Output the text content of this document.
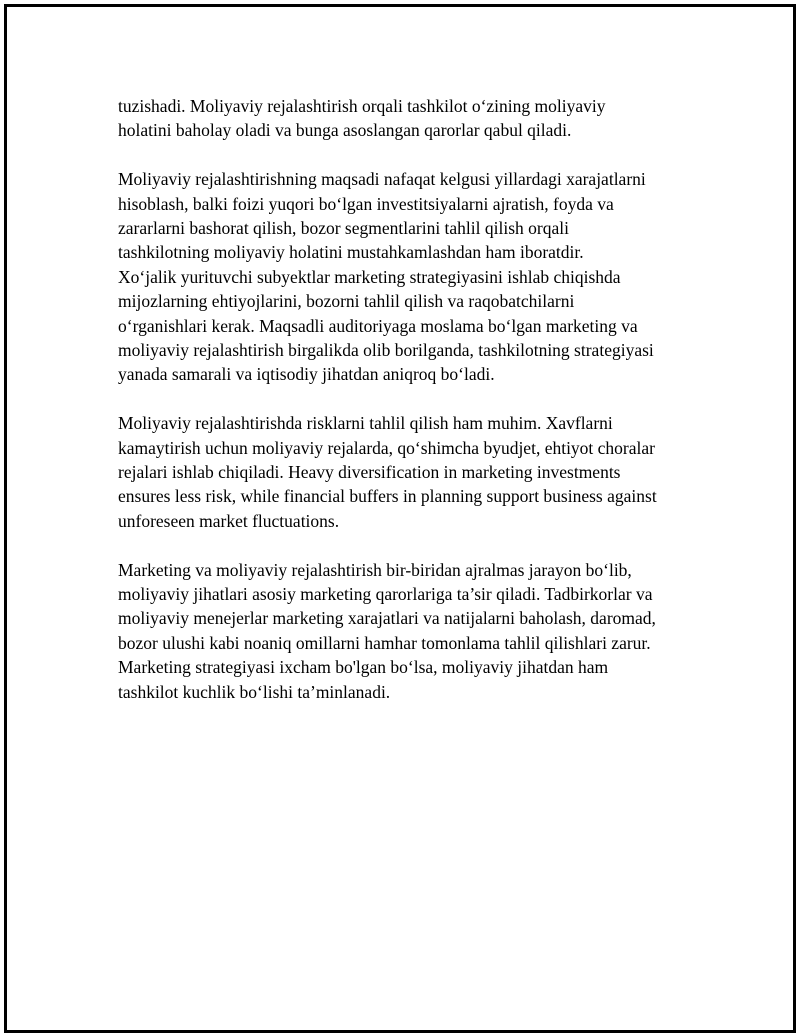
tuzishadi. Moliyaviy rejalashtirish orqali tashkilot o‘zining moliyaviy

holatini baholay oladi va bunga asoslangan qarorlar qabul qiladi.

Moliyaviy rejalashtirishning maqsadi nafaqat kelgusi yillardagi xarajatlarni

hisoblash, balki foizi yuqori bo‘lgan investitsiyalarni ajratish, foyda va

zararlarni bashorat qilish, bozor segmentlarini tahlil qilish orqali

tashkilotning moliyaviy holatini mustahkamlashdan ham iboratdir.

Xo‘jalik yurituvchi subyektlar marketing strategiyasini ishlab chiqishda

mijozlarning ehtiyojlarini, bozorni tahlil qilish va raqobatchilarni

o‘rganishlari kerak. Maqsadli auditoriyaga moslama bo‘lgan marketing va

moliyaviy rejalashtirish birgalikda olib borilganda, tashkilotning strategiyasi

yanada samarali va iqtisodiy jihatdan aniqroq bo‘ladi.

Moliyaviy rejalashtirishda risklarni tahlil qilish ham muhim. Xavflarni

kamaytirish uchun moliyaviy rejalarda, qo‘shimcha byudjet, ehtiyot choralar

rejalari ishlab chiqiladi. Heavy diversification in marketing investments

ensures less risk, while financial buffers in planning support business against

unforeseen market fluctuations.

Marketing va moliyaviy rejalashtirish bir-biridan ajralmas jarayon bo‘lib,

moliyaviy jihatlari asosiy marketing qarorlariga ta’sir qiladi. Tadbirkorlar va

moliyaviy menejerlar marketing xarajatlari va natijalarni baholash, daromad,

bozor ulushi kabi noaniq omillarni hamhar tomonlama tahlil qilishlari zarur.

Marketing strategiyasi ixcham bo'lgan bo‘lsa, moliyaviy jihatdan ham

tashkilot kuchlik bo‘lishi ta’minlanadi.
